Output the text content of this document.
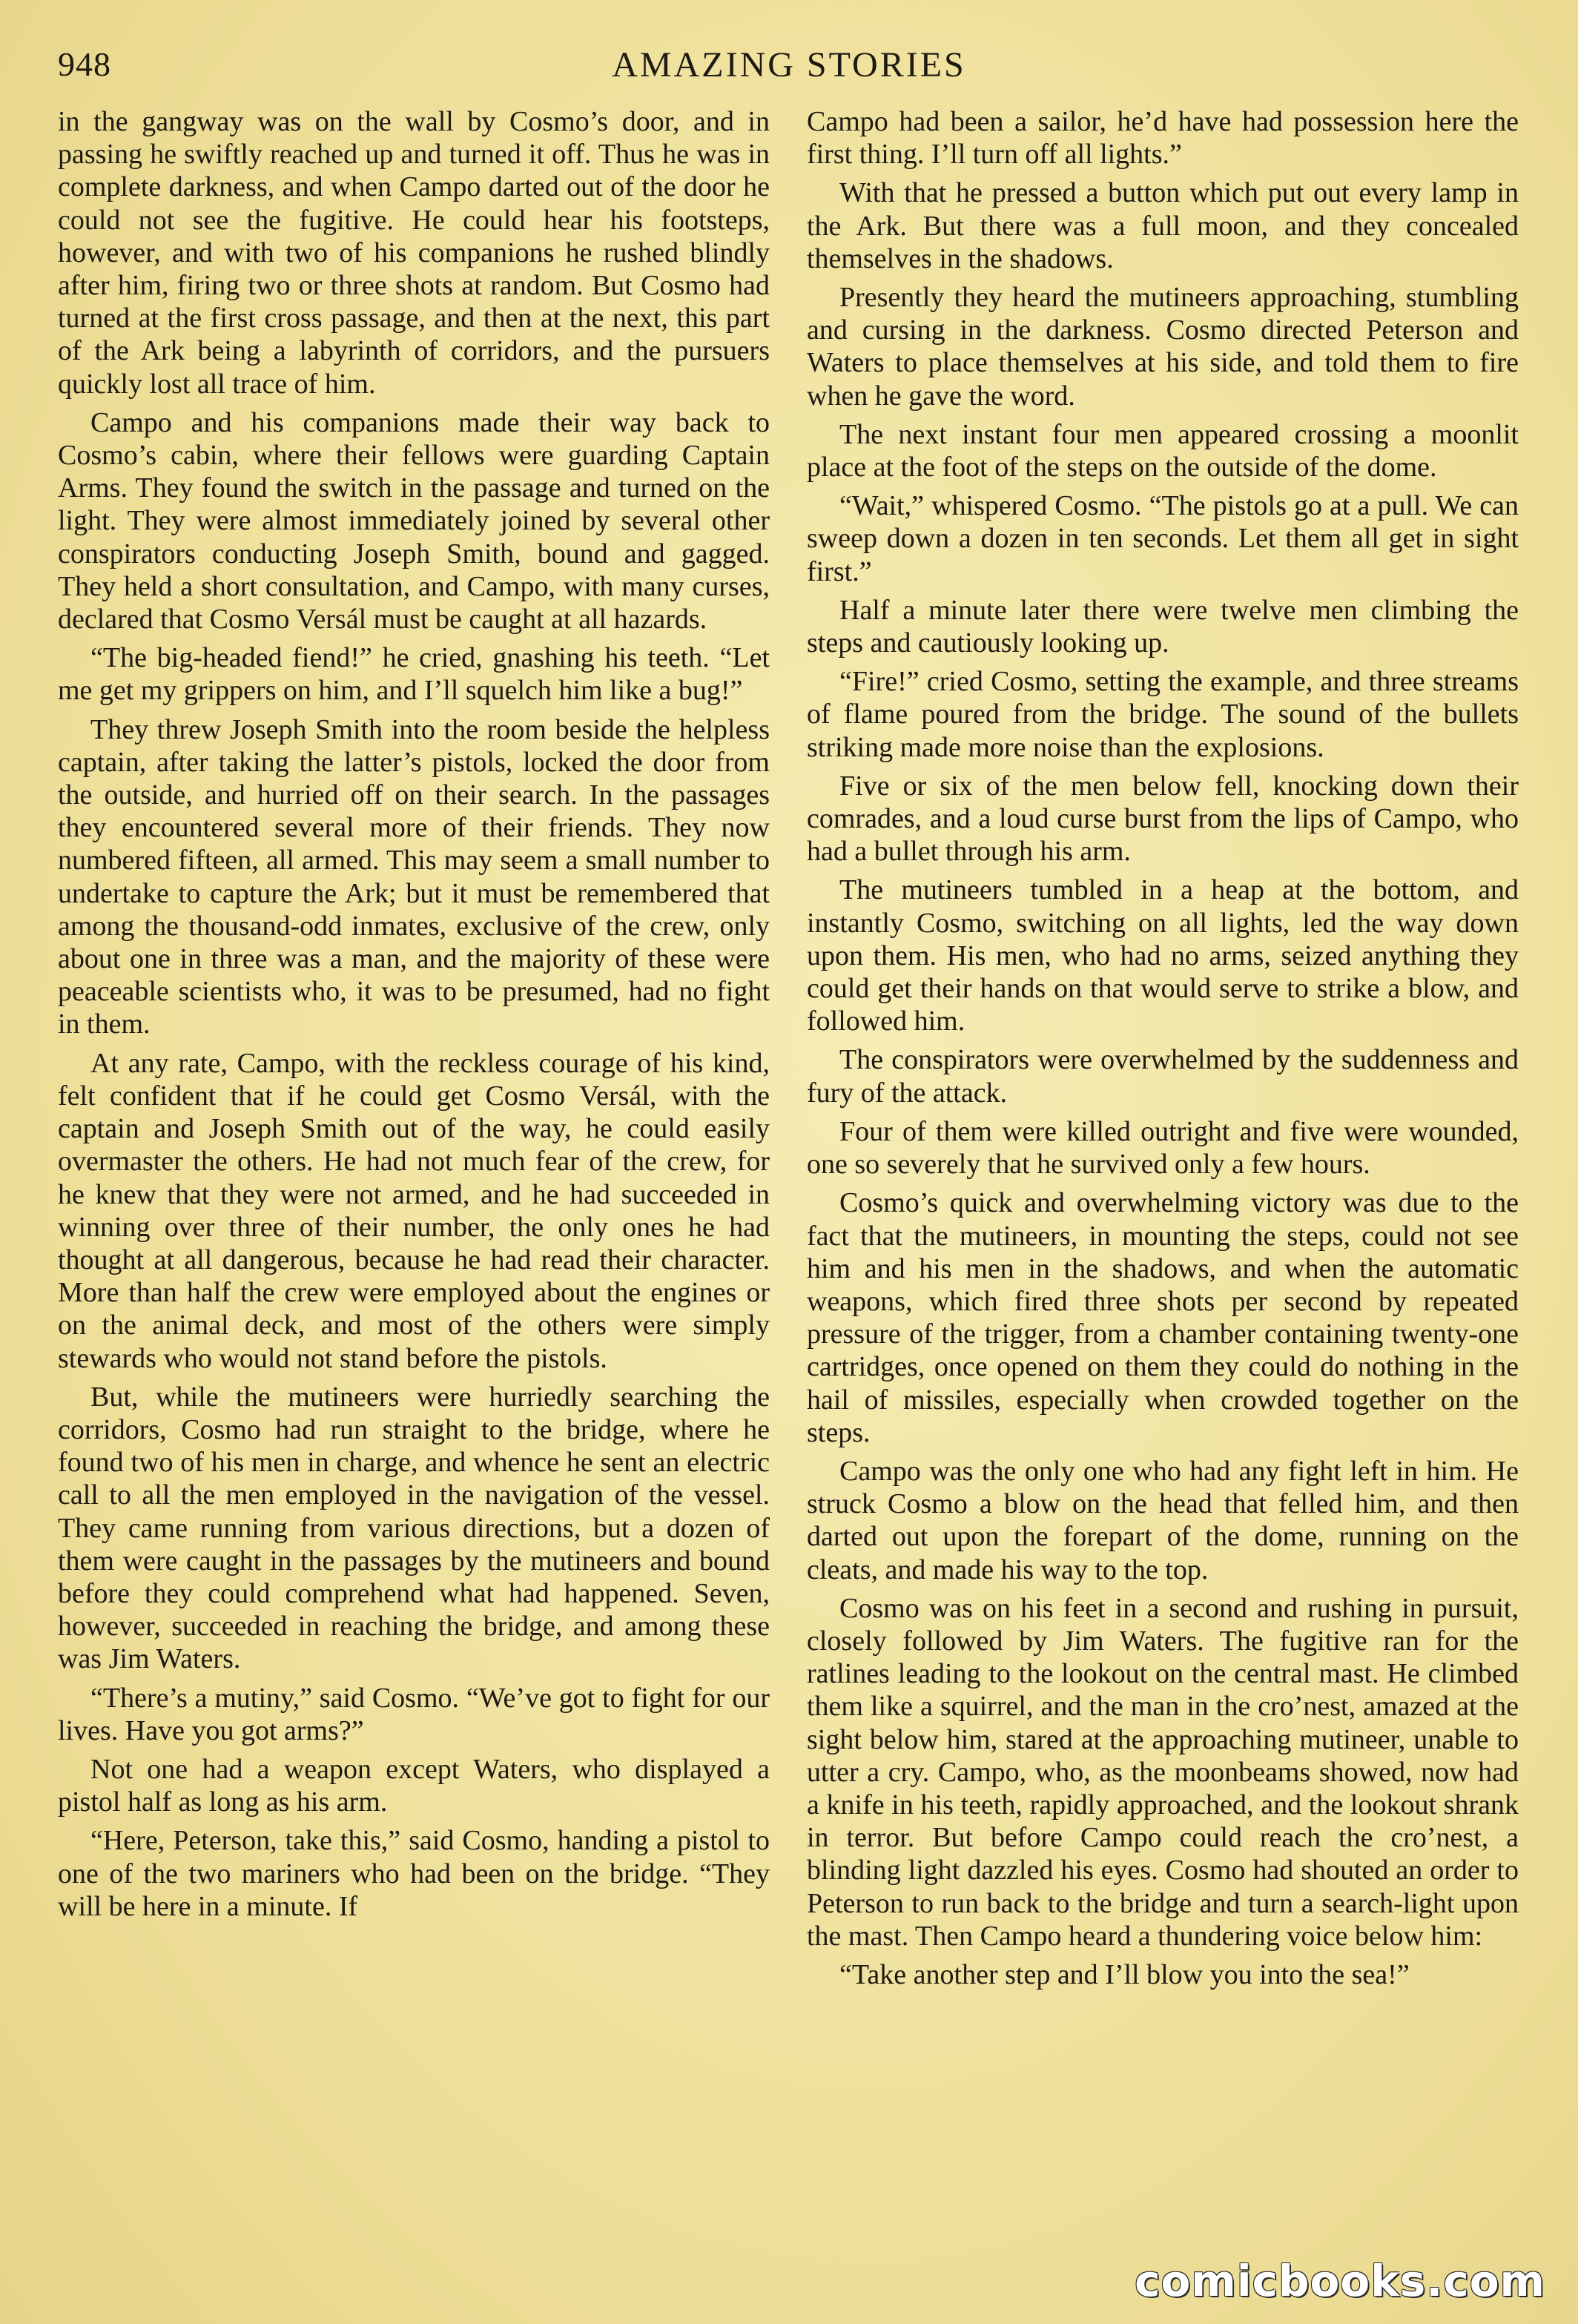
948	AMAZING STORIES

in the gangway was on the wall by Cosmo’s door, and in passing he swiftly reached up and turned it off. Thus he was in complete darkness, and when Campo darted out of the door he could not see the fugitive. He could hear his footsteps, however, and with two of his companions he rushed blindly after him, firing two or three shots at random. But Cosmo had turned at the first cross passage, and then at the next, this part of the Ark being a labyrinth of corridors, and the pursuers quickly lost all trace of him.

Campo and his companions made their way back to Cosmo’s cabin, where their fellows were guarding Captain Arms. They found the switch in the passage and turned on the light. They were almost immediately joined by several other conspirators conducting Joseph Smith, bound and gagged. They held a short consultation, and Campo, with many curses, declared that Cosmo Versál must be caught at all hazards.

“The big-headed fiend!” he cried, gnashing his teeth. “Let me get my grippers on him, and I’ll squelch him like a bug!”

They threw Joseph Smith into the room beside the helpless captain, after taking the latter’s pistols, locked the door from the outside, and hurried off on their search. In the passages they encountered several more of their friends. They now numbered fifteen, all armed. This may seem a small number to undertake to capture the Ark; but it must be remembered that among the thousand-odd inmates, exclusive of the crew, only about one in three was a man, and the majority of these were peaceable scientists who, it was to be presumed, had no fight in them.

At any rate, Campo, with the reckless courage of his kind, felt confident that if he could get Cosmo Versál, with the captain and Joseph Smith out of the way, he could easily overmaster the others. He had not much fear of the crew, for he knew that they were not armed, and he had succeeded in winning over three of their number, the only ones he had thought at all dangerous, because he had read their character. More than half the crew were employed about the engines or on the animal deck, and most of the others were simply stewards who would not stand before the pistols.

But, while the mutineers were hurriedly searching the corridors, Cosmo had run straight to the bridge, where he found two of his men in charge, and whence he sent an electric call to all the men employed in the navigation of the vessel. They came running from various directions, but a dozen of them were caught in the passages by the mutineers and bound before they could comprehend what had happened. Seven, however, succeeded in reaching the bridge, and among these was Jim Waters.

“There’s a mutiny,” said Cosmo. “We’ve got to fight for our lives. Have you got arms?”

Not one had a weapon except Waters, who displayed a pistol half as long as his arm.

“Here, Peterson, take this,” said Cosmo, handing a pistol to one of the two mariners who had been on the bridge. “They will be here in a minute. If

Campo had been a sailor, he’d have had possession here the first thing. I’ll turn off all lights.”

With that he pressed a button which put out every lamp in the Ark. But there was a full moon, and they concealed themselves in the shadows.

Presently they heard the mutineers approaching, stumbling and cursing in the darkness. Cosmo directed Peterson and Waters to place themselves at his side, and told them to fire when he gave the word.

The next instant four men appeared crossing a moonlit place at the foot of the steps on the outside of the dome.

“Wait,” whispered Cosmo. “The pistols go at a pull. We can sweep down a dozen in ten seconds. Let them all get in sight first.”

Half a minute later there were twelve men climbing the steps and cautiously looking up.

“Fire!” cried Cosmo, setting the example, and three streams of flame poured from the bridge. The sound of the bullets striking made more noise than the explosions.

Five or six of the men below fell, knocking down their comrades, and a loud curse burst from the lips of Campo, who had a bullet through his arm.

The mutineers tumbled in a heap at the bottom, and instantly Cosmo, switching on all lights, led the way down upon them. His men, who had no arms, seized anything they could get their hands on that would serve to strike a blow, and followed him.

The conspirators were overwhelmed by the suddenness and fury of the attack.

Four of them were killed outright and five were wounded, one so severely that he survived only a few hours.

Cosmo’s quick and overwhelming victory was due to the fact that the mutineers, in mounting the steps, could not see him and his men in the shadows, and when the automatic weapons, which fired three shots per second by repeated pressure of the trigger, from a chamber containing twenty-one cartridges, once opened on them they could do nothing in the hail of missiles, especially when crowded together on the steps.

Campo was the only one who had any fight left in him. He struck Cosmo a blow on the head that felled him, and then darted out upon the forepart of the dome, running on the cleats, and made his way to the top.

Cosmo was on his feet in a second and rushing in pursuit, closely followed by Jim Waters. The fugitive ran for the ratlines leading to the lookout on the central mast. He climbed them like a squirrel, and the man in the cro’nest, amazed at the sight below him, stared at the approaching mutineer, unable to utter a cry. Campo, who, as the moonbeams showed, now had a knife in his teeth, rapidly approached, and the lookout shrank in terror. But before Campo could reach the cro’nest, a blinding light dazzled his eyes. Cosmo had shouted an order to Peterson to run back to the bridge and turn a search-light upon the mast. Then Campo heard a thundering voice below him:

“Take another step and I’ll blow you into the sea!”

comicbooks.com
